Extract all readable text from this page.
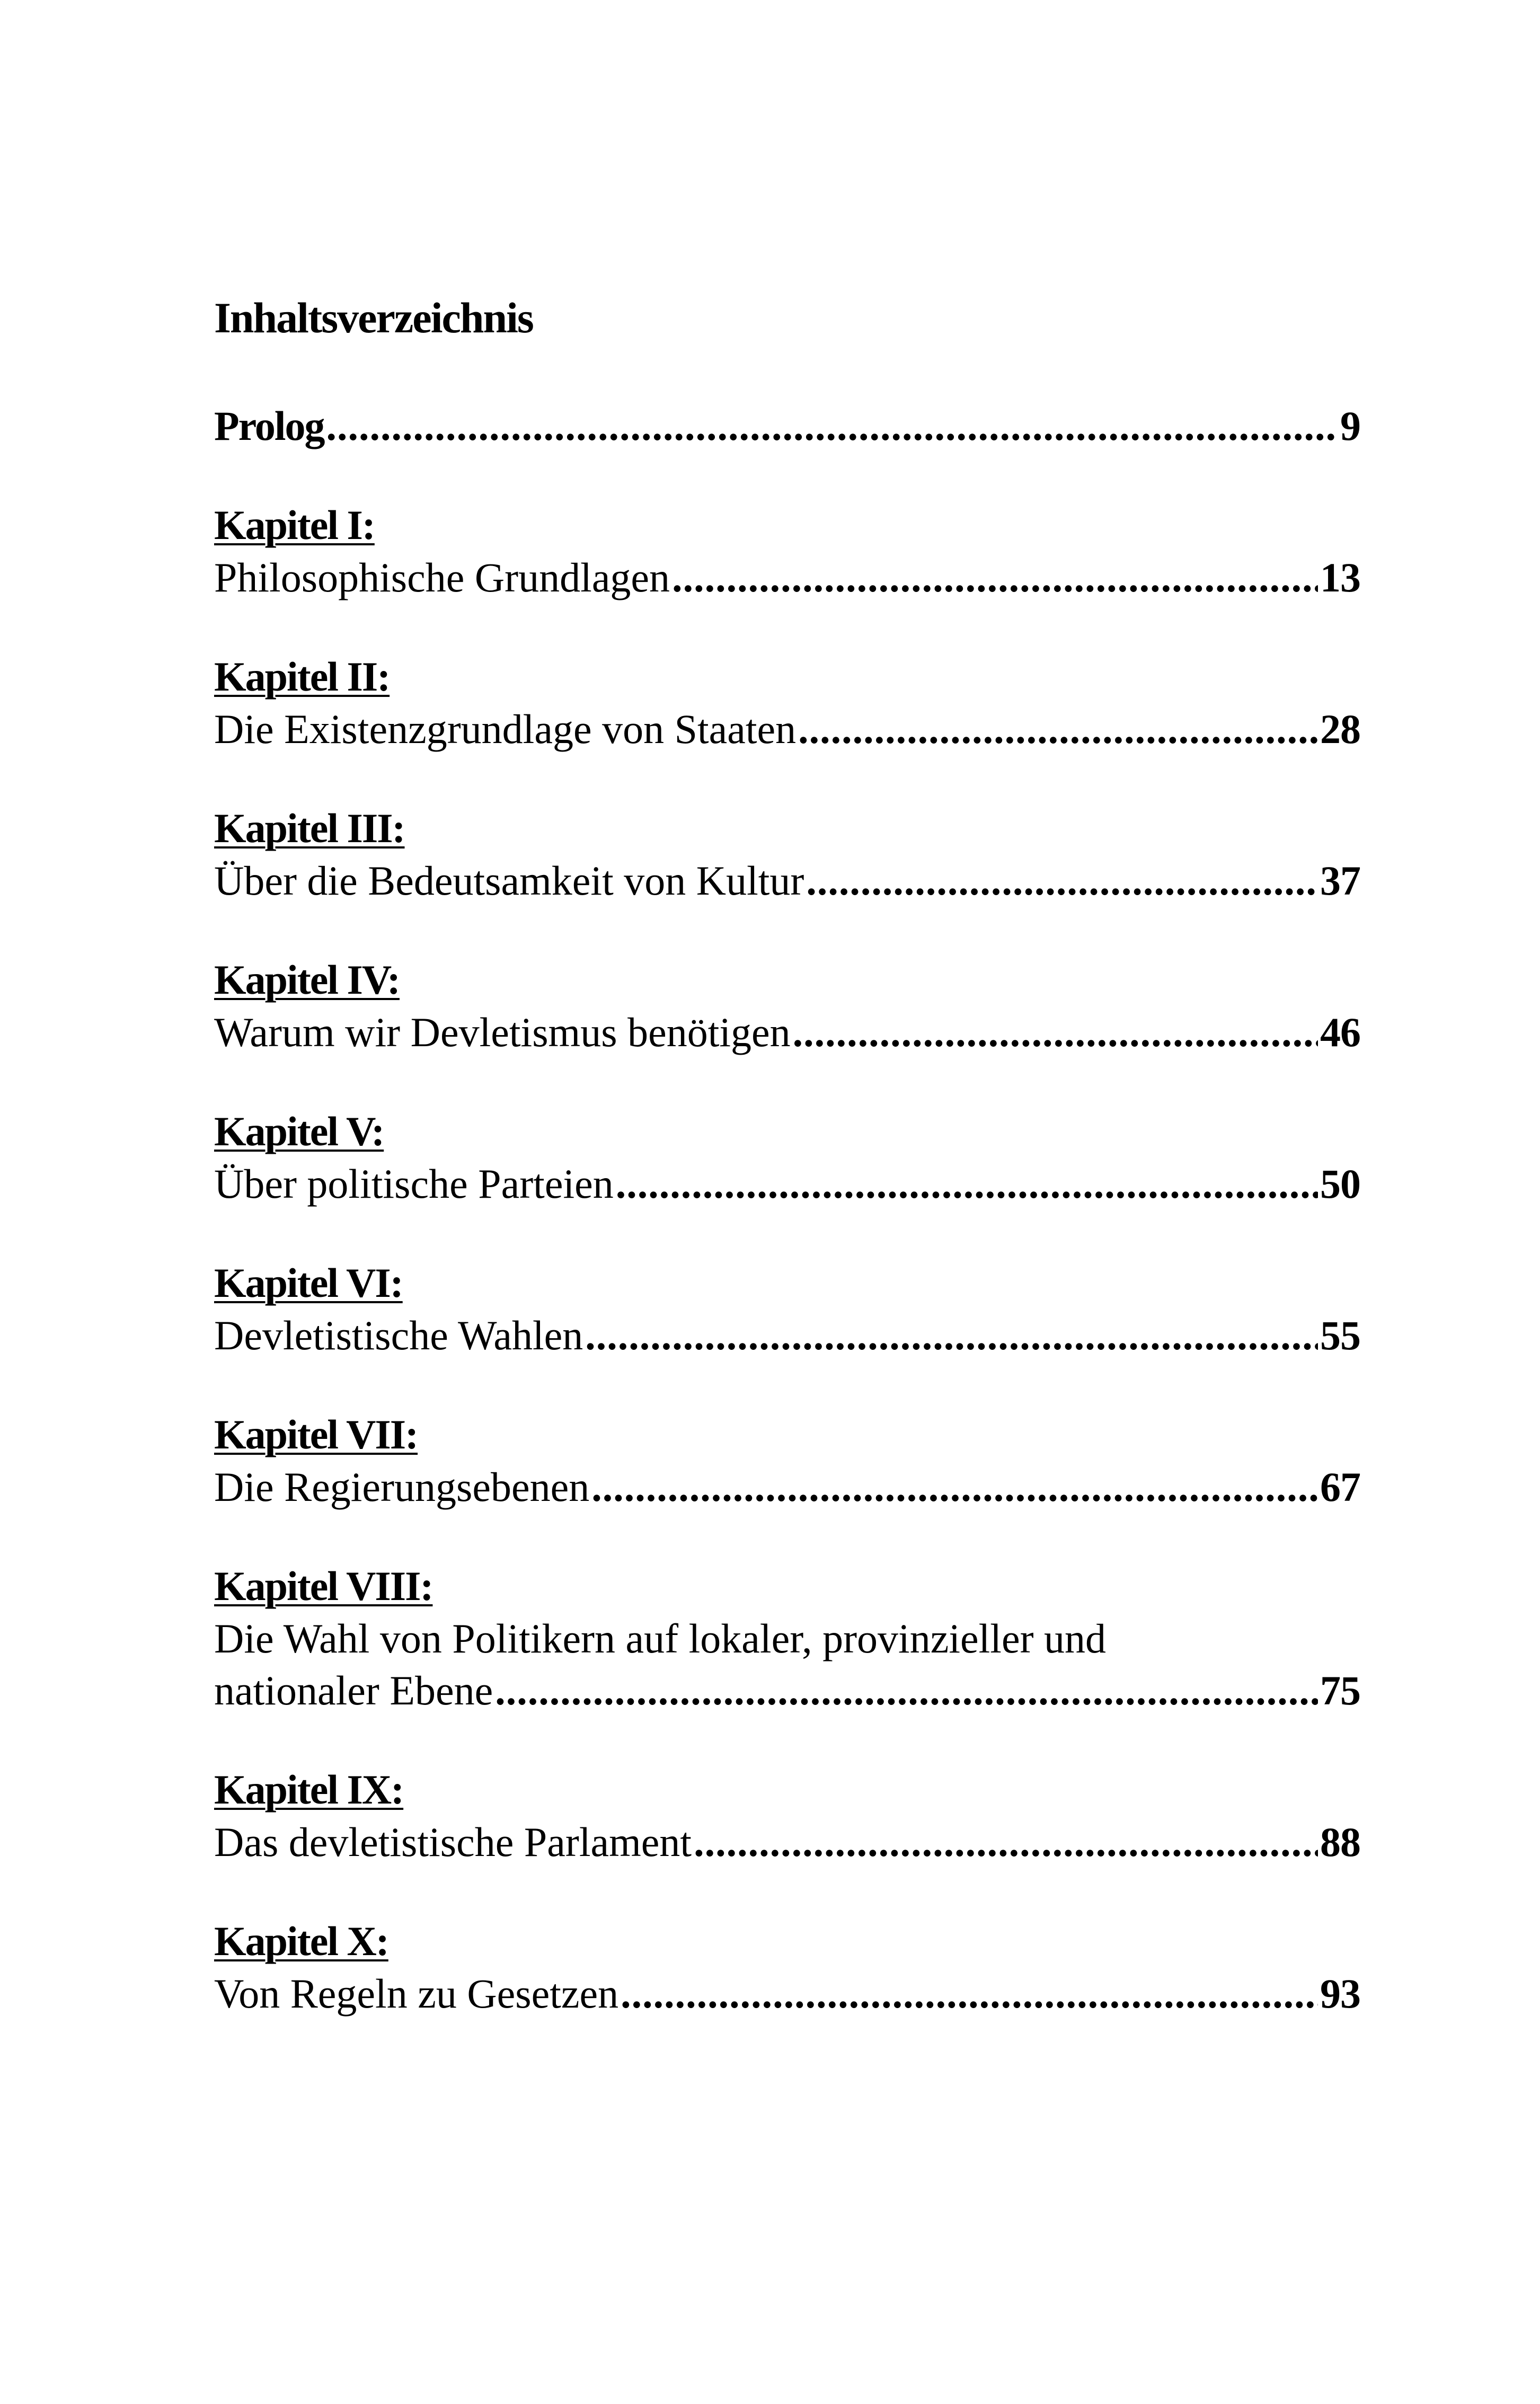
Inhaltsverzeichnis
Prolog .....	9
Kapitel I:
Philosophische Grundlagen .....	13
Kapitel II:
Die Existenzgrundlage von Staaten .....	28
Kapitel III:
Über die Bedeutsamkeit von Kultur .....	37
Kapitel IV:
Warum wir Devletismus benötigen .....	46
Kapitel V:
Über politische Parteien .....	50
Kapitel VI:
Devletistische Wahlen .....	55
Kapitel VII:
Die Regierungsebenen .....	67
Kapitel VIII:
Die Wahl von Politikern auf lokaler, provinzieller und
nationaler Ebene .....	75
Kapitel IX:
Das devletistische Parlament .....	88
Kapitel X:
Von Regeln zu Gesetzen .....	93
